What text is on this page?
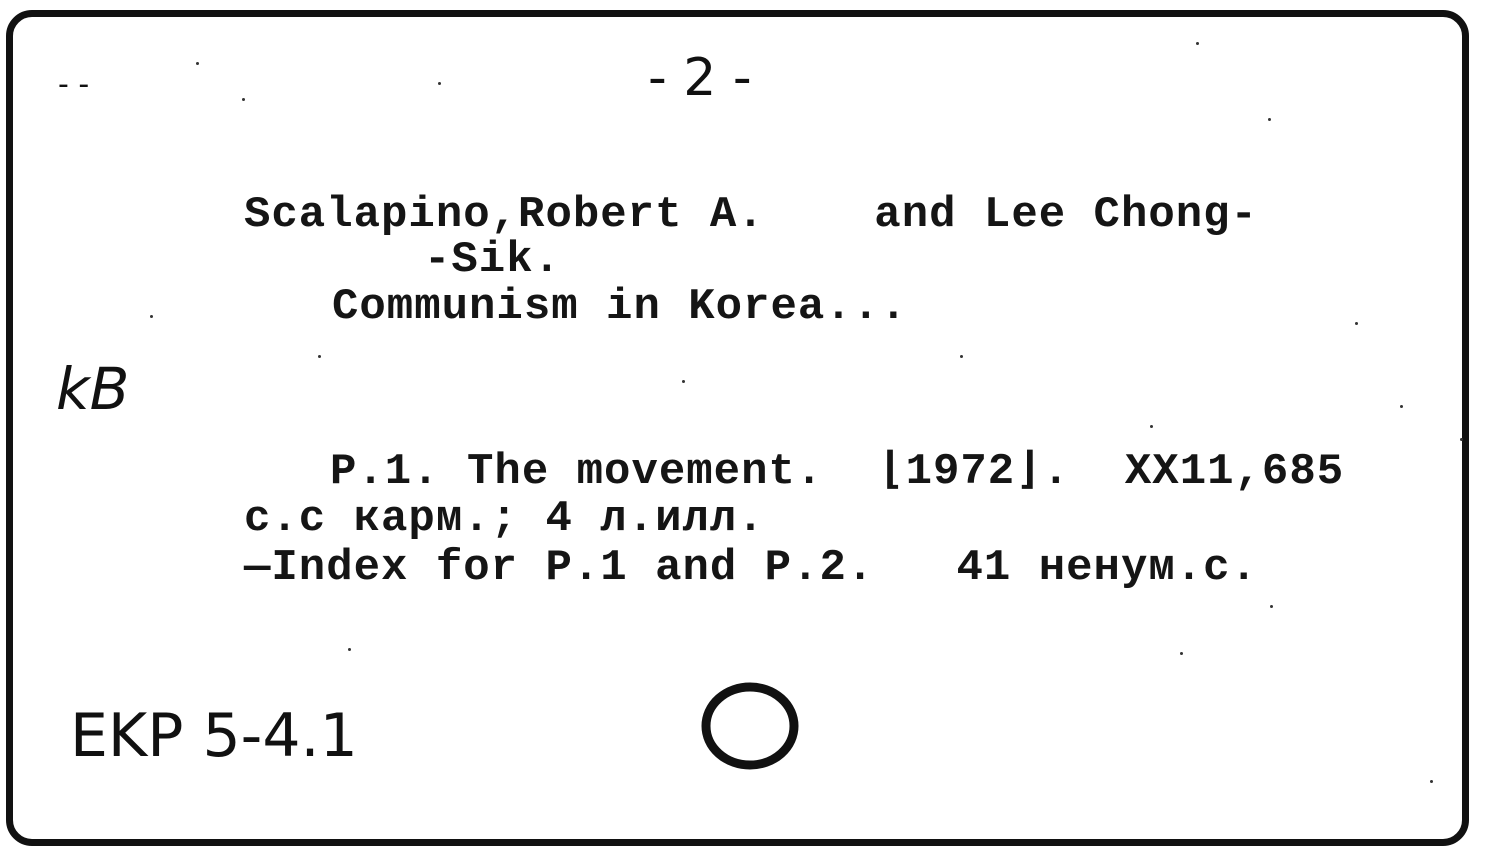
- -	- 2 -
Scalapino,Robert A.    and Lee Chong-
-Sik.
Communism in Korea...
kB
P.1. The movement.  ⌊1972⌋.  XX11,685
c.c карм.; 4 л.илл.
—Index for P.1 and P.2.   41 ненум.с.
EKP 5-4.1
